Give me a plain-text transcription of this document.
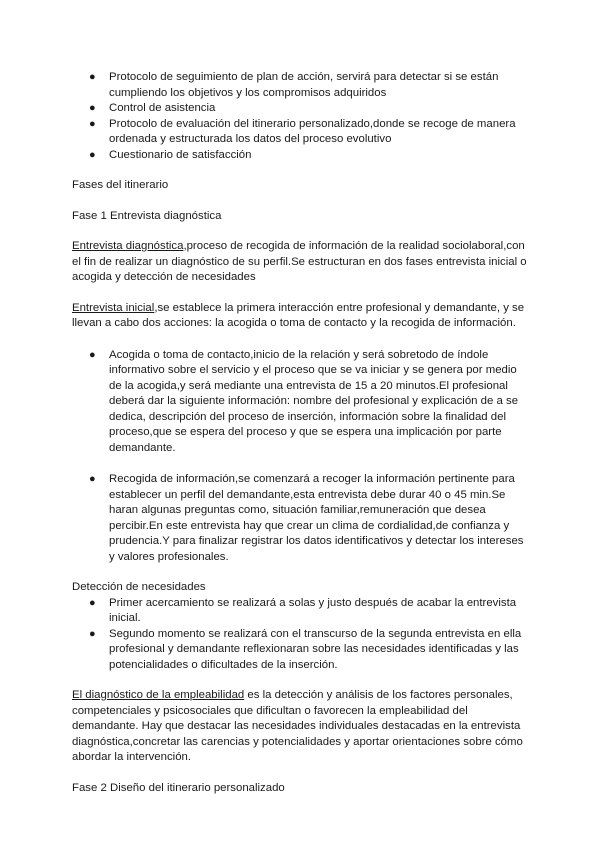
● Protocolo de seguimiento de plan de acción, servirá para detectar si se están cumpliendo los objetivos y los compromisos adquiridos
● Control de asistencia
● Protocolo de evaluación del itinerario personalizado,donde se recoge de manera ordenada y estructurada los datos del proceso evolutivo
● Cuestionario de satisfacción

Fases del itinerario

Fase 1 Entrevista diagnóstica

Entrevista diagnóstica,proceso de recogida de información de la realidad sociolaboral,con el fin de realizar un diagnóstico de su perfil.Se estructuran en dos fases entrevista inicial o acogida y detección de necesidades

Entrevista inicial,se establece la primera interacción entre profesional y demandante, y se llevan a cabo dos acciones: la acogida o toma de contacto y la recogida de información.

● Acogida o toma de contacto,inicio de la relación y será sobretodo de índole informativo sobre el servicio y el proceso que se va iniciar y se genera por medio de la acogida,y será mediante una entrevista de 15 a 20 minutos.El profesional deberá dar la siguiente información: nombre del profesional y explicación de a se dedica, descripción del proceso de inserción, información sobre la finalidad del proceso,que se espera del proceso y que se espera una implicación por parte demandante.
● Recogida de información,se comenzará a recoger la información pertinente para establecer un perfil del demandante,esta entrevista debe durar 40 o 45 min.Se haran algunas preguntas como, situación familiar,remuneración que desea percibir.En este entrevista hay que crear un clima de cordialidad,de confianza y prudencia.Y para finalizar registrar los datos identificativos y detectar los intereses y valores profesionales.

Detección de necesidades

● Primer acercamiento se realizará a solas y justo después de acabar la entrevista inicial.
● Segundo momento se realizará con el transcurso de la segunda entrevista en ella profesional y demandante reflexionaran sobre las necesidades identificadas y las potencialidades o dificultades de la inserción.

El diagnóstico de la empleabilidad es la detección y análisis de los factores personales, competenciales y psicosociales que dificultan o favorecen la empleabilidad del demandante. Hay que destacar las necesidades individuales destacadas en la entrevista diagnóstica,concretar las carencias y potencialidades y aportar orientaciones sobre cómo abordar la intervención.

Fase 2 Diseño del itinerario personalizado
